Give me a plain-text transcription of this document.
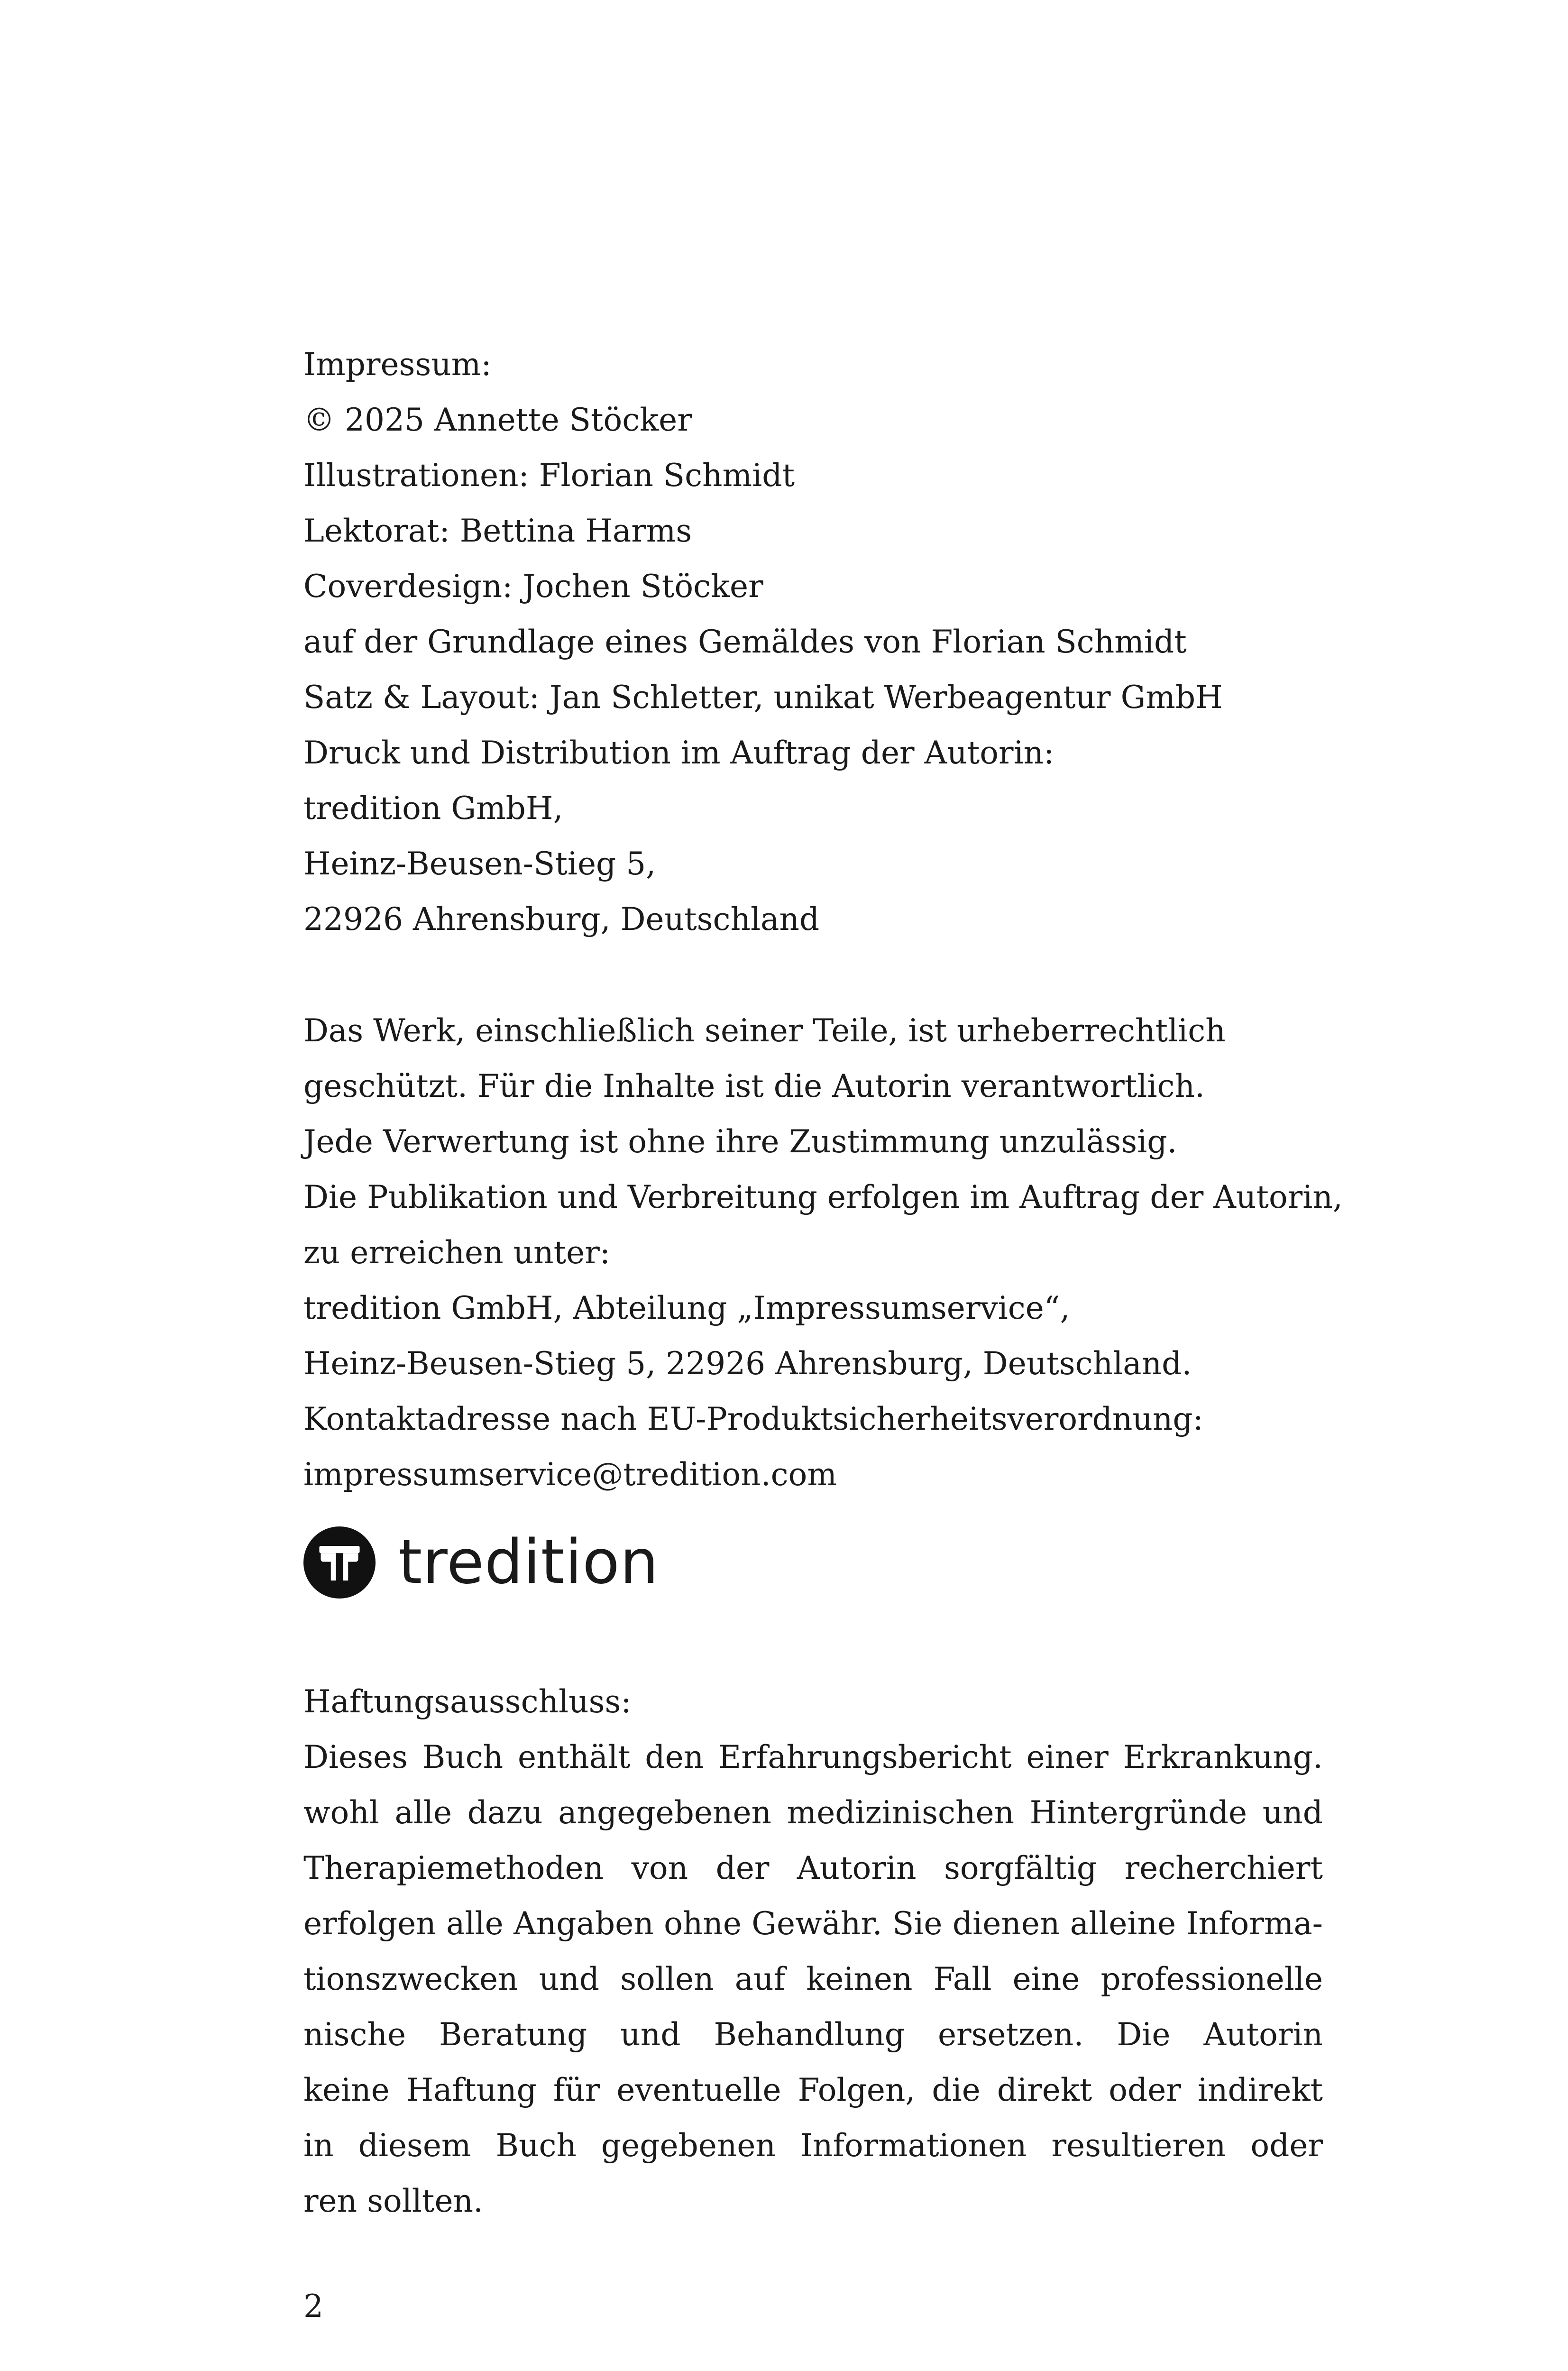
Impressum:
© 2025 Annette Stöcker
Illustrationen: Florian Schmidt
Lektorat: Bettina Harms
Coverdesign: Jochen Stöcker
auf der Grundlage eines Gemäldes von Florian Schmidt
Satz & Layout: Jan Schletter, unikat Werbeagentur GmbH
Druck und Distribution im Auftrag der Autorin:
tredition GmbH,
Heinz-Beusen-Stieg 5,
22926 Ahrensburg, Deutschland
Das Werk, einschließlich seiner Teile, ist urheberrechtlich
geschützt. Für die Inhalte ist die Autorin verantwortlich.
Jede Verwertung ist ohne ihre Zustimmung unzulässig.
Die Publikation und Verbreitung erfolgen im Auftrag der Autorin,
zu erreichen unter:
tredition GmbH, Abteilung „Impressumservice“,
Heinz-Beusen-Stieg 5, 22926 Ahrensburg, Deutschland.
Kontaktadresse nach EU-Produktsicherheitsverordnung:
impressumservice@tredition.com
tredition
Haftungsausschluss:
Dieses Buch enthält den Erfahrungsbericht einer Erkrankung.
wohl alle dazu angegebenen medizinischen Hintergründe und
Therapiemethoden von der Autorin sorgfältig recherchiert
erfolgen alle Angaben ohne Gewähr. Sie dienen alleine Informa-
tionszwecken und sollen auf keinen Fall eine professionelle
nische Beratung und Behandlung ersetzen. Die Autorin
keine Haftung für eventuelle Folgen, die direkt oder indirekt
in diesem Buch gegebenen Informationen resultieren oder
ren sollten.
2
